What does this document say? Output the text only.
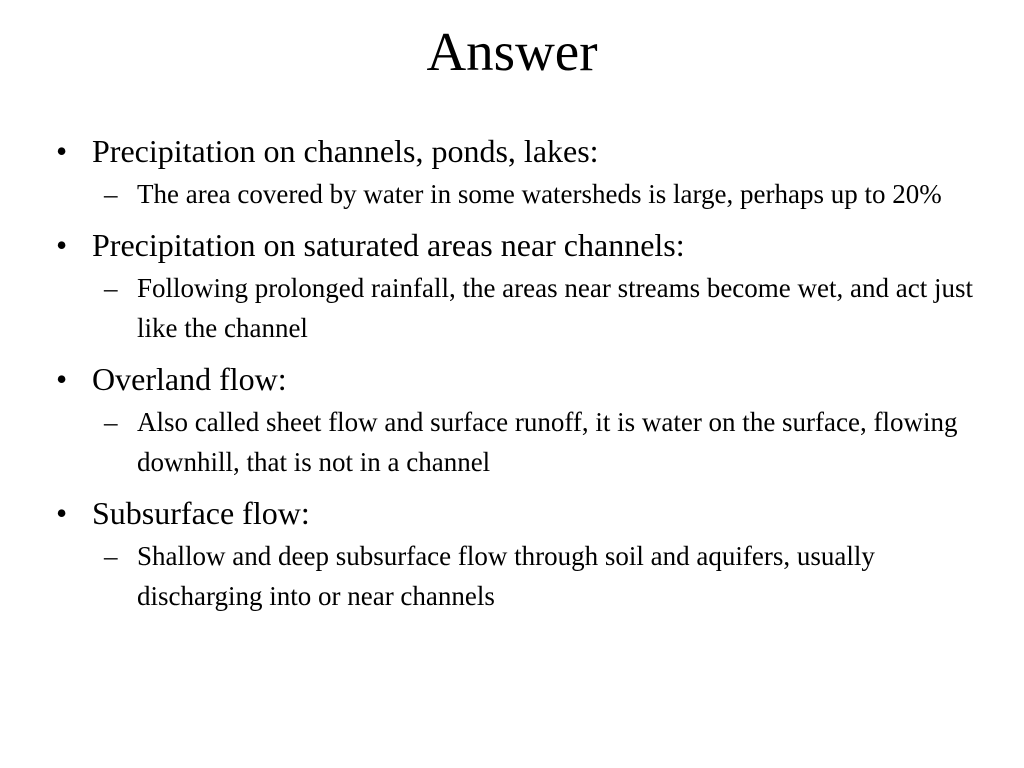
Answer
• Precipitation on channels, ponds, lakes:
– The area covered by water in some watersheds is large, perhaps up to 20%
• Precipitation on saturated areas near channels:
– Following prolonged rainfall, the areas near streams become wet, and act just like the channel
• Overland flow:
– Also called sheet flow and surface runoff, it is water on the surface, flowing downhill, that is not in a channel
• Subsurface flow:
– Shallow and deep subsurface flow through soil and aquifers, usually discharging into or near channels
